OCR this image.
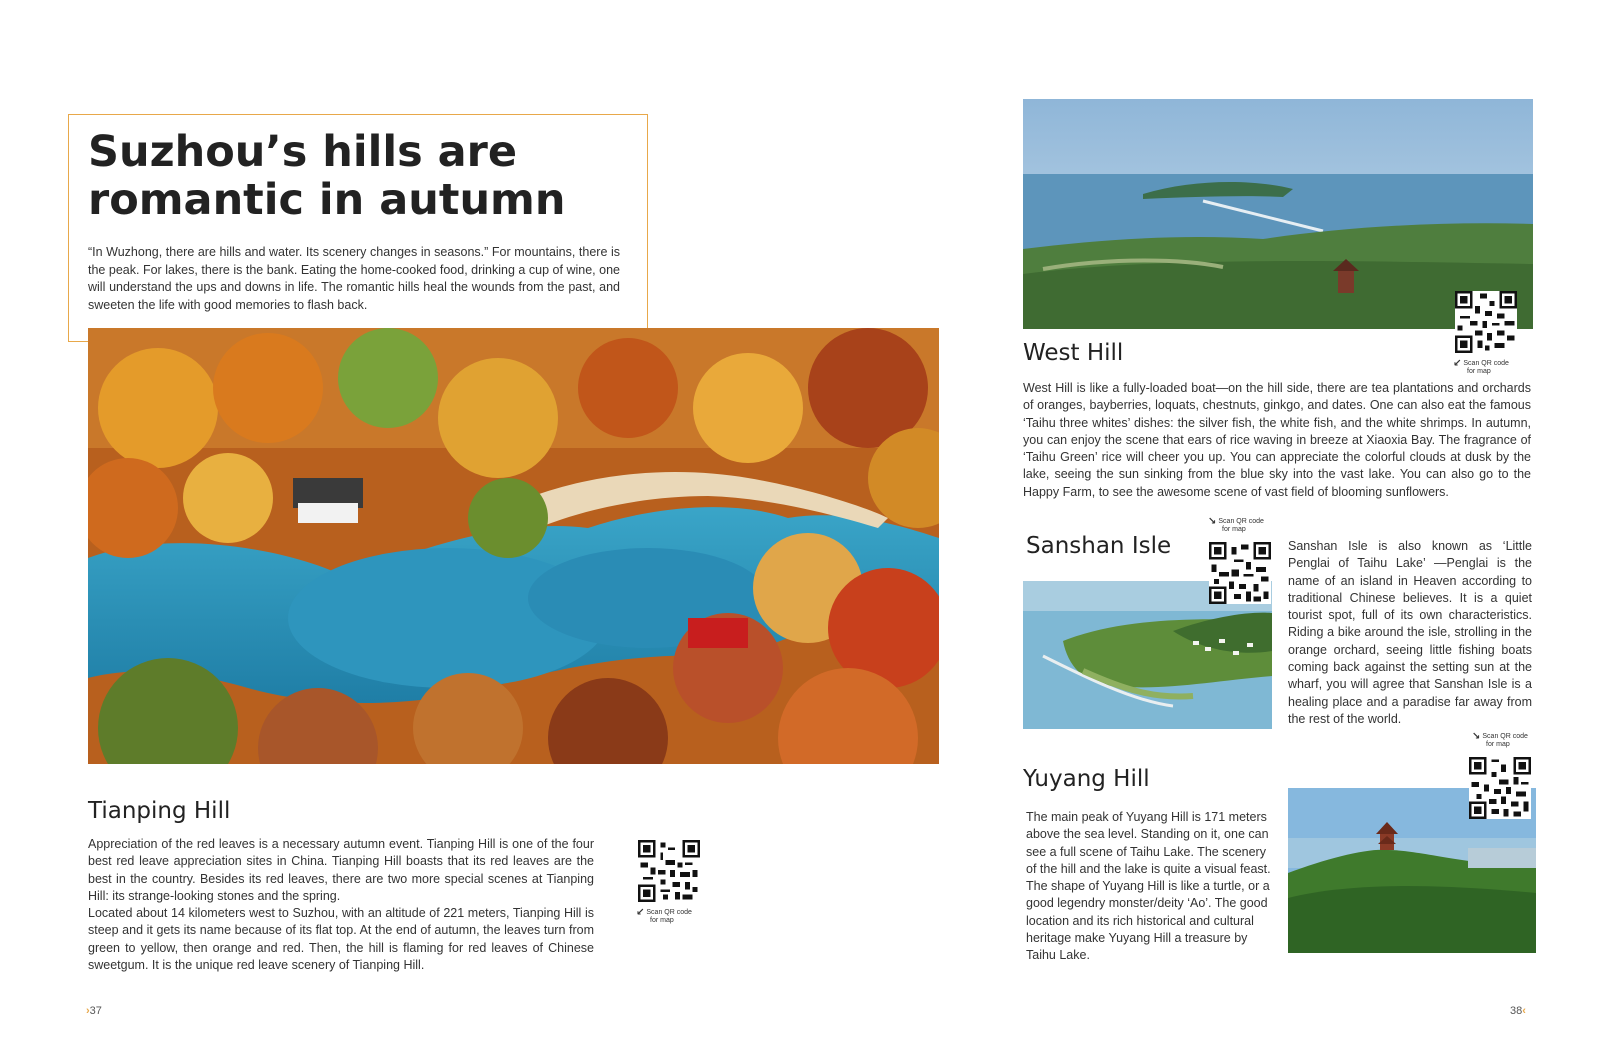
Suzhou’s hills are romantic in autumn

“In Wuzhong, there are hills and water. Its scenery changes in seasons.” For mountains, there is the peak. For lakes, there is the bank. Eating the home-cooked food, drinking a cup of wine, one will understand the ups and downs in life. The romantic hills heal the wounds from the past, and sweeten the life with good memories to flash back.

Tianping Hill

Appreciation of the red leaves is a necessary autumn event. Tianping Hill is one of the four best red leave appreciation sites in China. Tianping Hill boasts that its red leaves are the best in the country. Besides its red leaves, there are two more special scenes at Tianping Hill: its strange-looking stones and the spring.

Located about 14 kilometers west to Suzhou, with an altitude of 221 meters, Tianping Hill is steep and it gets its name because of its flat top. At the end of autumn, the leaves turn from green to yellow, then orange and red. Then, the hill is flaming for red leaves of Chinese sweetgum. It is the unique red leave scenery of Tianping Hill.

↙ Scan QR code
for map
›37
↙ Scan QR code
for map
West Hill

West Hill is like a fully-loaded boat—on the hill side, there are tea plantations and orchards of oranges, bayberries, loquats, chestnuts, ginkgo, and dates. One can also eat the famous ‘Taihu three whites’ dishes: the silver fish, the white fish, and the white shrimps. In autumn, you can enjoy the scene that ears of rice waving in breeze at Xiaoxia Bay. The fragrance of ‘Taihu Green’ rice will cheer you up. You can appreciate the colorful clouds at dusk by the lake, seeing the sun sinking from the blue sky into the vast lake. You can also go to the Happy Farm, to see the awesome scene of vast field of blooming sunflowers.

Sanshan Isle
↘ Scan QR code
for map

Sanshan Isle is also known as ‘Little Penglai of Taihu Lake’ —Penglai is the name of an island in Heaven according to traditional Chinese believes. It is a quiet tourist spot, full of its own characteristics. Riding a bike around the isle, strolling in the orange orchard, seeing little fishing boats coming back against the setting sun at the wharf, you will agree that Sanshan Isle is a healing place and a paradise far away from the rest of the world.

↘ Scan QR code
for map
Yuyang Hill

The main peak of Yuyang Hill is 171 meters above the sea level. Standing on it, one can see a full scene of Taihu Lake. The scenery of the hill and the lake is quite a visual feast. The shape of Yuyang Hill is like a turtle, or a good legendry monster/deity ‘Ao’. The good location and its rich historical and cultural heritage make Yuyang Hill a treasure by Taihu Lake.

38‹
